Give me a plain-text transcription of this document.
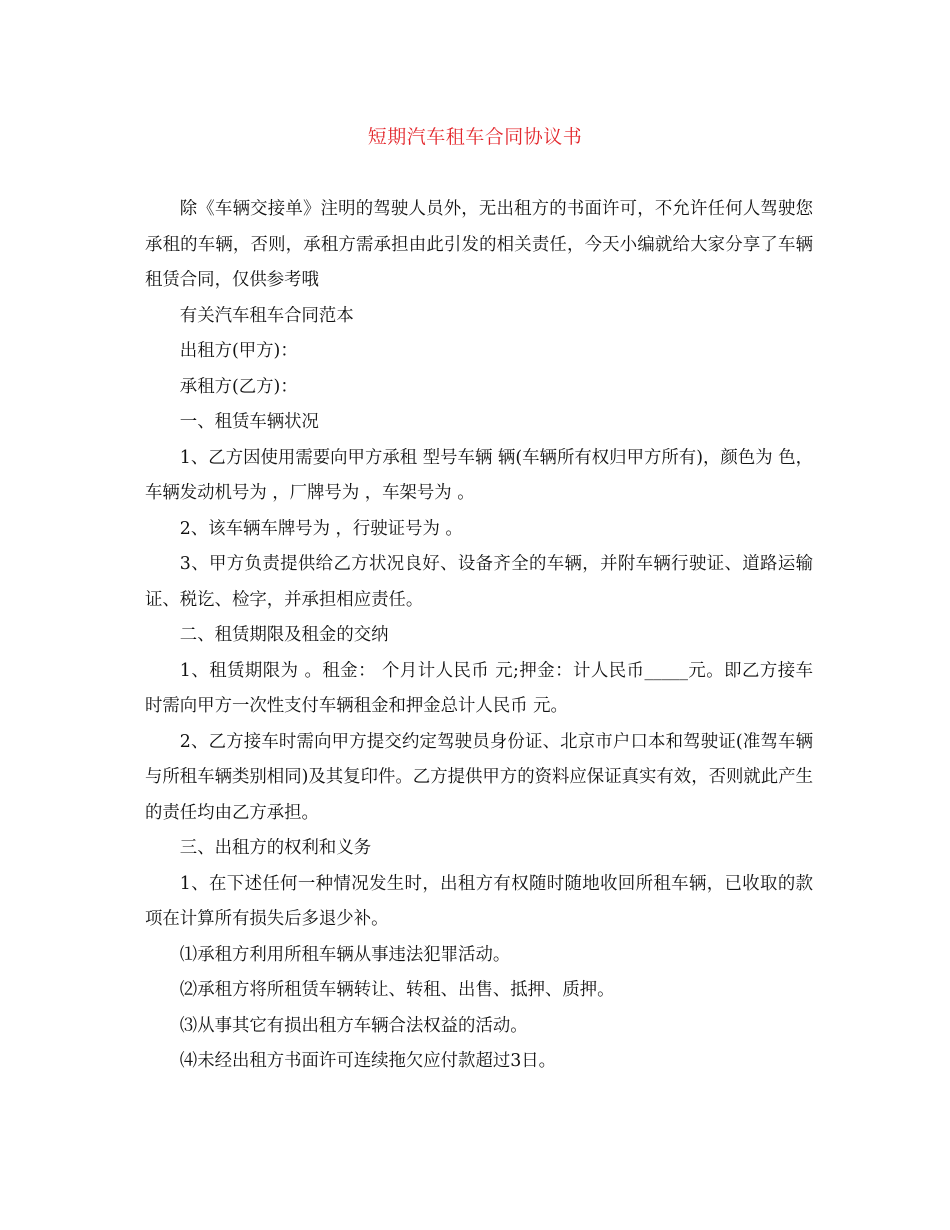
短期汽车租车合同协议书

除《车辆交接单》注明的驾驶人员外，无出租方的书面许可，不允许任何人驾驶您承租的车辆，否则，承租方需承担由此引发的相关责任，今天小编就给大家分享了车辆租赁合同，仅供参考哦

有关汽车租车合同范本

出租方(甲方)：

承租方(乙方)：

一、租赁车辆状况

1、乙方因使用需要向甲方承租 型号车辆 辆(车辆所有权归甲方所有)，颜色为 色，车辆发动机号为 ，厂牌号为 ，车架号为 。

2、该车辆车牌号为 ，行驶证号为 。

3、甲方负责提供给乙方状况良好、设备齐全的车辆，并附车辆行驶证、道路运输证、税讫、检字，并承担相应责任。

二、租赁期限及租金的交纳

1、租赁期限为 。租金： 个月计人民币 元;押金：计人民币_____元。即乙方接车时需向甲方一次性支付车辆租金和押金总计人民币 元。

2、乙方接车时需向甲方提交约定驾驶员身份证、北京市户口本和驾驶证(准驾车辆与所租车辆类别相同)及其复印件。乙方提供甲方的资料应保证真实有效，否则就此产生的责任均由乙方承担。

三、出租方的权利和义务

1、在下述任何一种情况发生时，出租方有权随时随地收回所租车辆，已收取的款项在计算所有损失后多退少补。

⑴承租方利用所租车辆从事违法犯罪活动。

⑵承租方将所租赁车辆转让、转租、出售、抵押、质押。

⑶从事其它有损出租方车辆合法权益的活动。

⑷未经出租方书面许可连续拖欠应付款超过3日。
